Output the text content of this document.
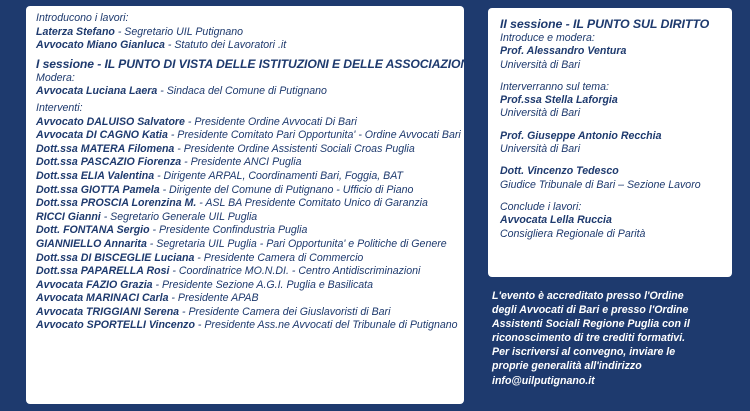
Introducono i lavori:
Laterza Stefano - Segretario UIL Putignano
Avvocato Miano Gianluca - Statuto dei Lavoratori .it
I sessione - IL PUNTO DI VISTA DELLE ISTITUZIONI E DELLE ASSOCIAZIONI
Modera:
Avvocata Luciana Laera - Sindaca del Comune di Putignano
Interventi:
Avvocato DALUISO Salvatore - Presidente Ordine Avvocati Di Bari
Avvocata DI CAGNO Katia - Presidente Comitato Pari Opportunita' - Ordine Avvocati Bari
Dott.ssa MATERA Filomena - Presidente Ordine Assistenti Sociali Croas Puglia
Dott.ssa PASCAZIO Fiorenza - Presidente ANCI Puglia
Dott.ssa ELIA Valentina - Dirigente ARPAL, Coordinamenti Bari, Foggia, BAT
Dott.ssa GIOTTA Pamela - Dirigente del Comune di Putignano - Ufficio di Piano
Dott.ssa PROSCIA Lorenzina M. - ASL BA Presidente Comitato Unico di Garanzia
RICCI Gianni - Segretario Generale UIL Puglia
Dott. FONTANA Sergio - Presidente Confindustria Puglia
GIANNIELLO Annarita - Segretaria UIL Puglia - Pari Opportunita' e Politiche di Genere
Dott.ssa DI BISCEGLIE Luciana - Presidente Camera di Commercio
Dott.ssa PAPARELLA Rosi - Coordinatrice MO.N.DI. - Centro Antidiscriminazioni
Avvocata FAZIO Grazia - Presidente Sezione A.G.I. Puglia e Basilicata
Avvocata MARINACI Carla - Presidente APAB
Avvocata TRIGGIANI Serena - Presidente Camera dei Giuslavoristi di Bari
Avvocato SPORTELLI Vincenzo - Presidente Ass.ne Avvocati del Tribunale di Putignano
II sessione - IL PUNTO SUL DIRITTO
Introduce e modera:
Prof. Alessandro Ventura
Università di Bari
Interverranno sul tema:
Prof.ssa Stella Laforgia
Università di Bari
Prof. Giuseppe Antonio Recchia
Università di Bari
Dott. Vincenzo Tedesco
Giudice Tribunale di Bari – Sezione Lavoro
Conclude i lavori:
Avvocata Lella Ruccia
Consigliera Regionale di Parità
L'evento è accreditato presso l'Ordine
degli Avvocati di Bari e presso l'Ordine
Assistenti Sociali Regione Puglia con il
riconoscimento di tre crediti formativi.
Per iscriversi al convegno, inviare le
proprie generalità all'indirizzo
info@uilputignano.it
